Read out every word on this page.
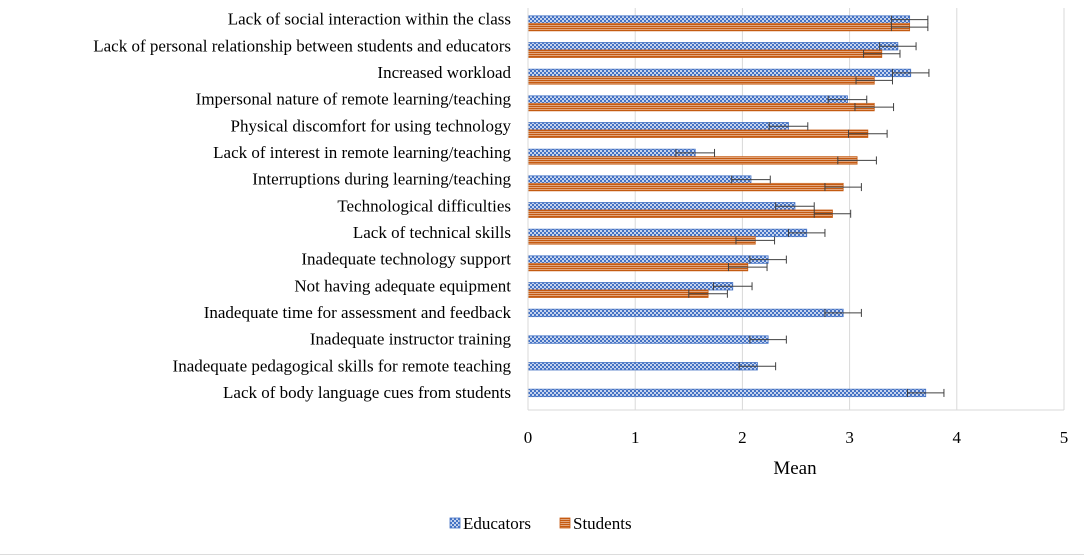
0	1	2	3	4	5
Lack of social interaction within the class
Lack of personal relationship between students and educators
Increased workload
Impersonal nature of remote learning/teaching
Physical discomfort for using technology
Lack of interest in remote learning/teaching
Interruptions during learning/teaching
Technological difficulties
Lack of technical skills
Inadequate technology support
Not having adequate equipment
Inadequate time for assessment and feedback
Inadequate instructor training
Inadequate pedagogical skills for remote teaching
Lack of body language cues from students
Mean
Educators Students
